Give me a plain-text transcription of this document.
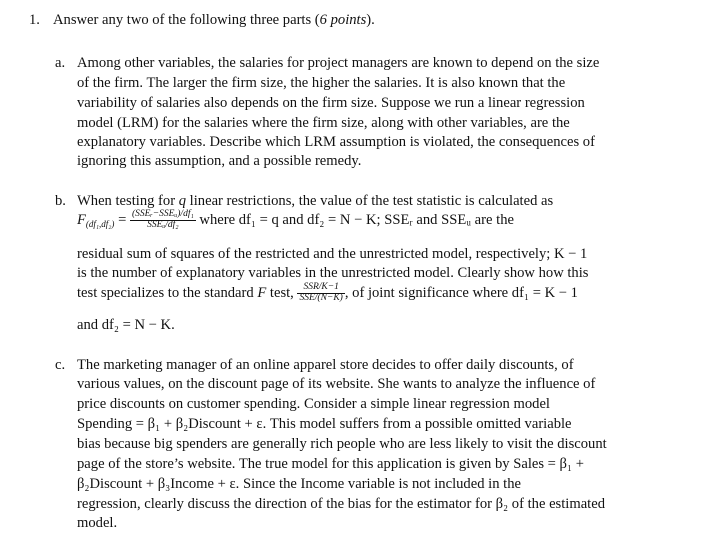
1. Answer any two of the following three parts (6 points).
a. Among other variables, the salaries for project managers are known to depend on the size
of the firm. The larger the firm size, the higher the salaries. It is also known that the
variability of salaries also depends on the firm size. Suppose we run a linear regression
model (LRM) for the salaries where the firm size, along with other variables, are the
explanatory variables. Describe which LRM assumption is violated, the consequences of
ignoring this assumption, and a possible remedy.
b. When testing for q linear restrictions, the value of the test statistic is calculated as
$F_{(df_1,df_2)} = \frac{\text{(SSEᵣ−SSEᵤ)/df₁}}{\text{SSEᵤ/df₂}}$ where df₁ = q and df₂ = N − K; SSEᵣ and SSEᵤ are the
residual sum of squares of the restricted and the unrestricted model, respectively; K − 1
is the number of explanatory variables in the unrestricted model. Clearly show how this
test specializes to the standard F test, $\frac{\text{SSR/K−1}}{\text{SSE/(N−K)}}$ , of joint significance where df₁ = K − 1
and df₂ = N − K.
c. The marketing manager of an online apparel store decides to offer daily discounts, of
various values, on the discount page of its website. She wants to analyze the influence of
price discounts on customer spending. Consider a simple linear regression model
Spending = β₁ + β₂Discount + ε. This model suffers from a possible omitted variable
bias because big spenders are generally rich people who are less likely to visit the discount
page of the store’s website. The true model for this application is given by Sales = β₁ +
β₂Discount + β₃Income + ε. Since the Income variable is not included in the
regression, clearly discuss the direction of the bias for the estimator for β₂ of the estimated
model.
